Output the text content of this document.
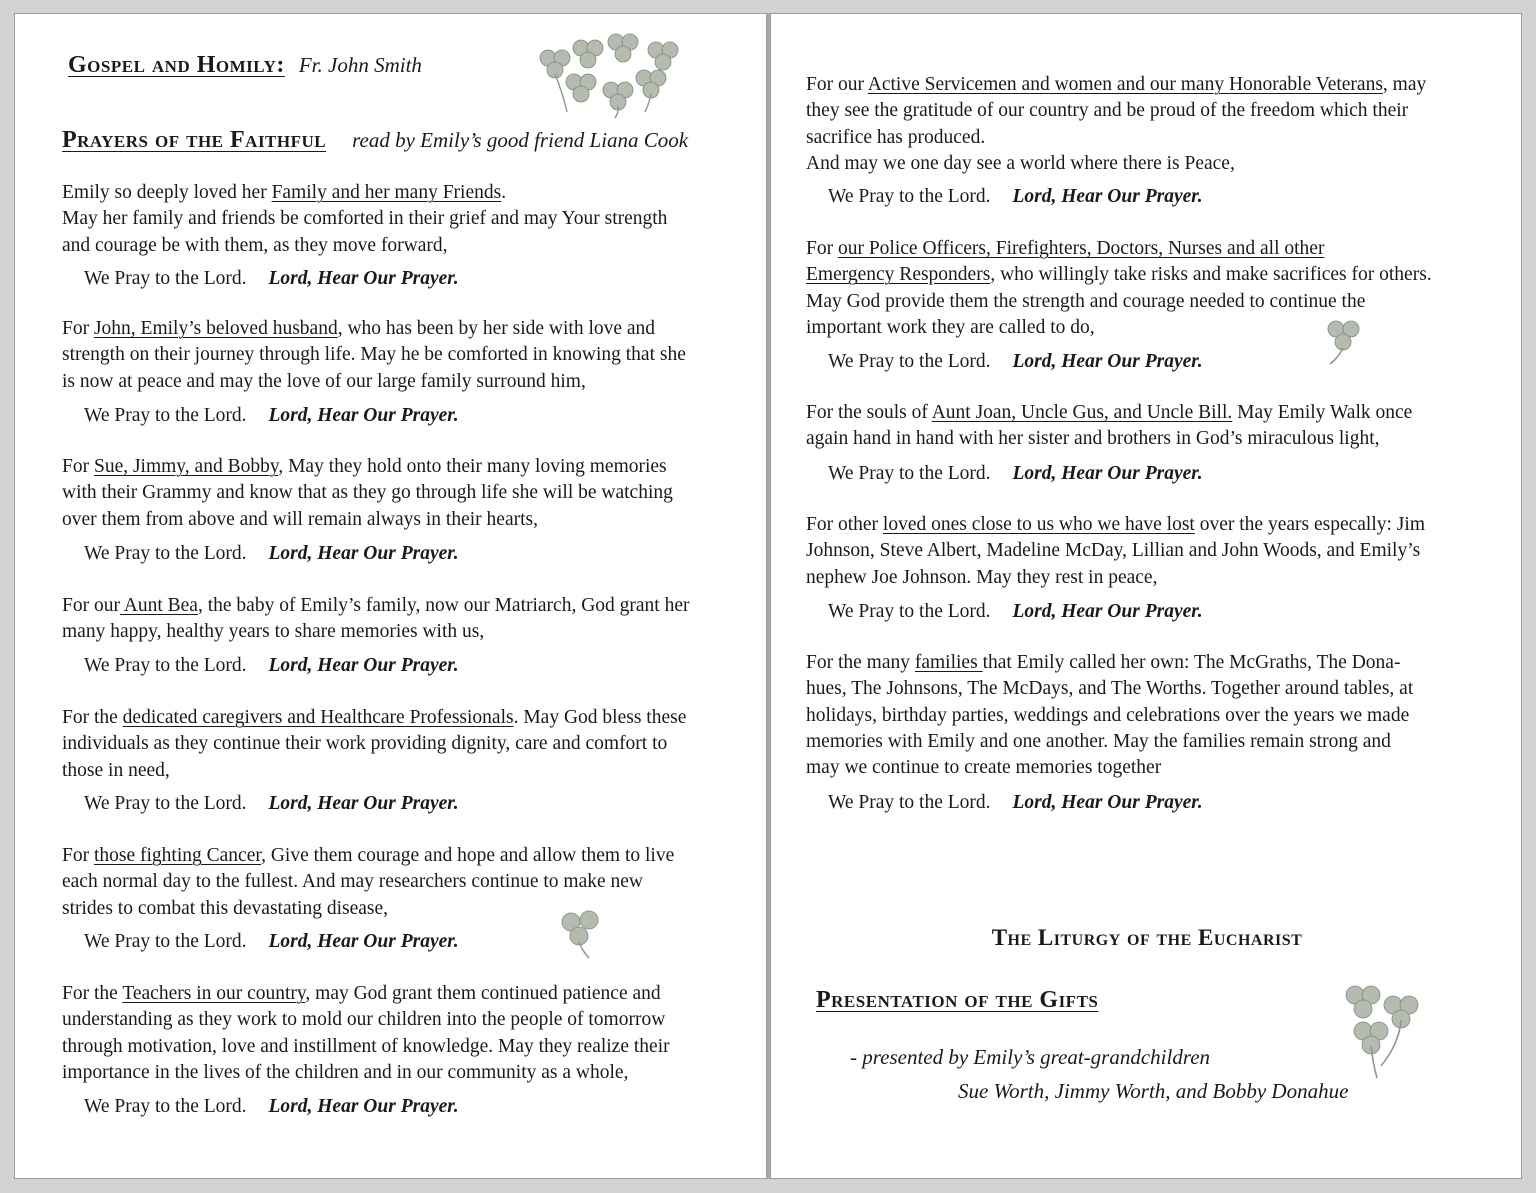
Gospel and Homily: Fr. John Smith
Prayers of the Faithful read by Emily’s good friend Liana Cook
Emily so deeply loved her Family and her many Friends.
May her family and friends be comforted in their grief and may Your strength
and courage be with them, as they move forward,
We Pray to the Lord. Lord, Hear Our Prayer.
For John, Emily’s beloved husband, who has been by her side with love and
strength on their journey through life. May he be comforted in knowing that she
is now at peace and may the love of our large family surround him,
We Pray to the Lord. Lord, Hear Our Prayer.
For Sue, Jimmy, and Bobby, May they hold onto their many loving memories
with their Grammy and know that as they go through life she will be watching
over them from above and will remain always in their hearts,
We Pray to the Lord. Lord, Hear Our Prayer.
For our Aunt Bea, the baby of Emily’s family, now our Matriarch, God grant her
many happy, healthy years to share memories with us,
We Pray to the Lord. Lord, Hear Our Prayer.
For the dedicated caregivers and Healthcare Professionals. May God bless these
individuals as they continue their work providing dignity, care and comfort to
those in need,
We Pray to the Lord. Lord, Hear Our Prayer.
For those fighting Cancer, Give them courage and hope and allow them to live
each normal day to the fullest. And may researchers continue to make new
strides to combat this devastating disease,
We Pray to the Lord. Lord, Hear Our Prayer.
For the Teachers in our country, may God grant them continued patience and
understanding as they work to mold our children into the people of tomorrow
through motivation, love and instillment of knowledge. May they realize their
importance in the lives of the children and in our community as a whole,
We Pray to the Lord. Lord, Hear Our Prayer.
For our Active Servicemen and women and our many Honorable Veterans, may
they see the gratitude of our country and be proud of the freedom which their
sacrifice has produced.
And may we one day see a world where there is Peace,
We Pray to the Lord. Lord, Hear Our Prayer.
For our Police Officers, Firefighters, Doctors, Nurses and all other
Emergency Responders, who willingly take risks and make sacrifices for others.
May God provide them the strength and courage needed to continue the
important work they are called to do,
We Pray to the Lord. Lord, Hear Our Prayer.
For the souls of Aunt Joan, Uncle Gus, and Uncle Bill. May Emily Walk once
again hand in hand with her sister and brothers in God’s miraculous light,
We Pray to the Lord. Lord, Hear Our Prayer.
For other loved ones close to us who we have lost over the years especally: Jim
Johnson, Steve Albert, Madeline McDay, Lillian and John Woods, and Emily’s
nephew Joe Johnson. May they rest in peace,
We Pray to the Lord. Lord, Hear Our Prayer.
For the many families that Emily called her own: The McGraths, The Dona-
hues, The Johnsons, The McDays, and The Worths. Together around tables, at
holidays, birthday parties, weddings and celebrations over the years we made
memories with Emily and one another. May the families remain strong and
may we continue to create memories together
We Pray to the Lord. Lord, Hear Our Prayer.
The Liturgy of the Eucharist
Presentation of the Gifts
- presented by Emily’s great-grandchildren
Sue Worth, Jimmy Worth, and Bobby Donahue
